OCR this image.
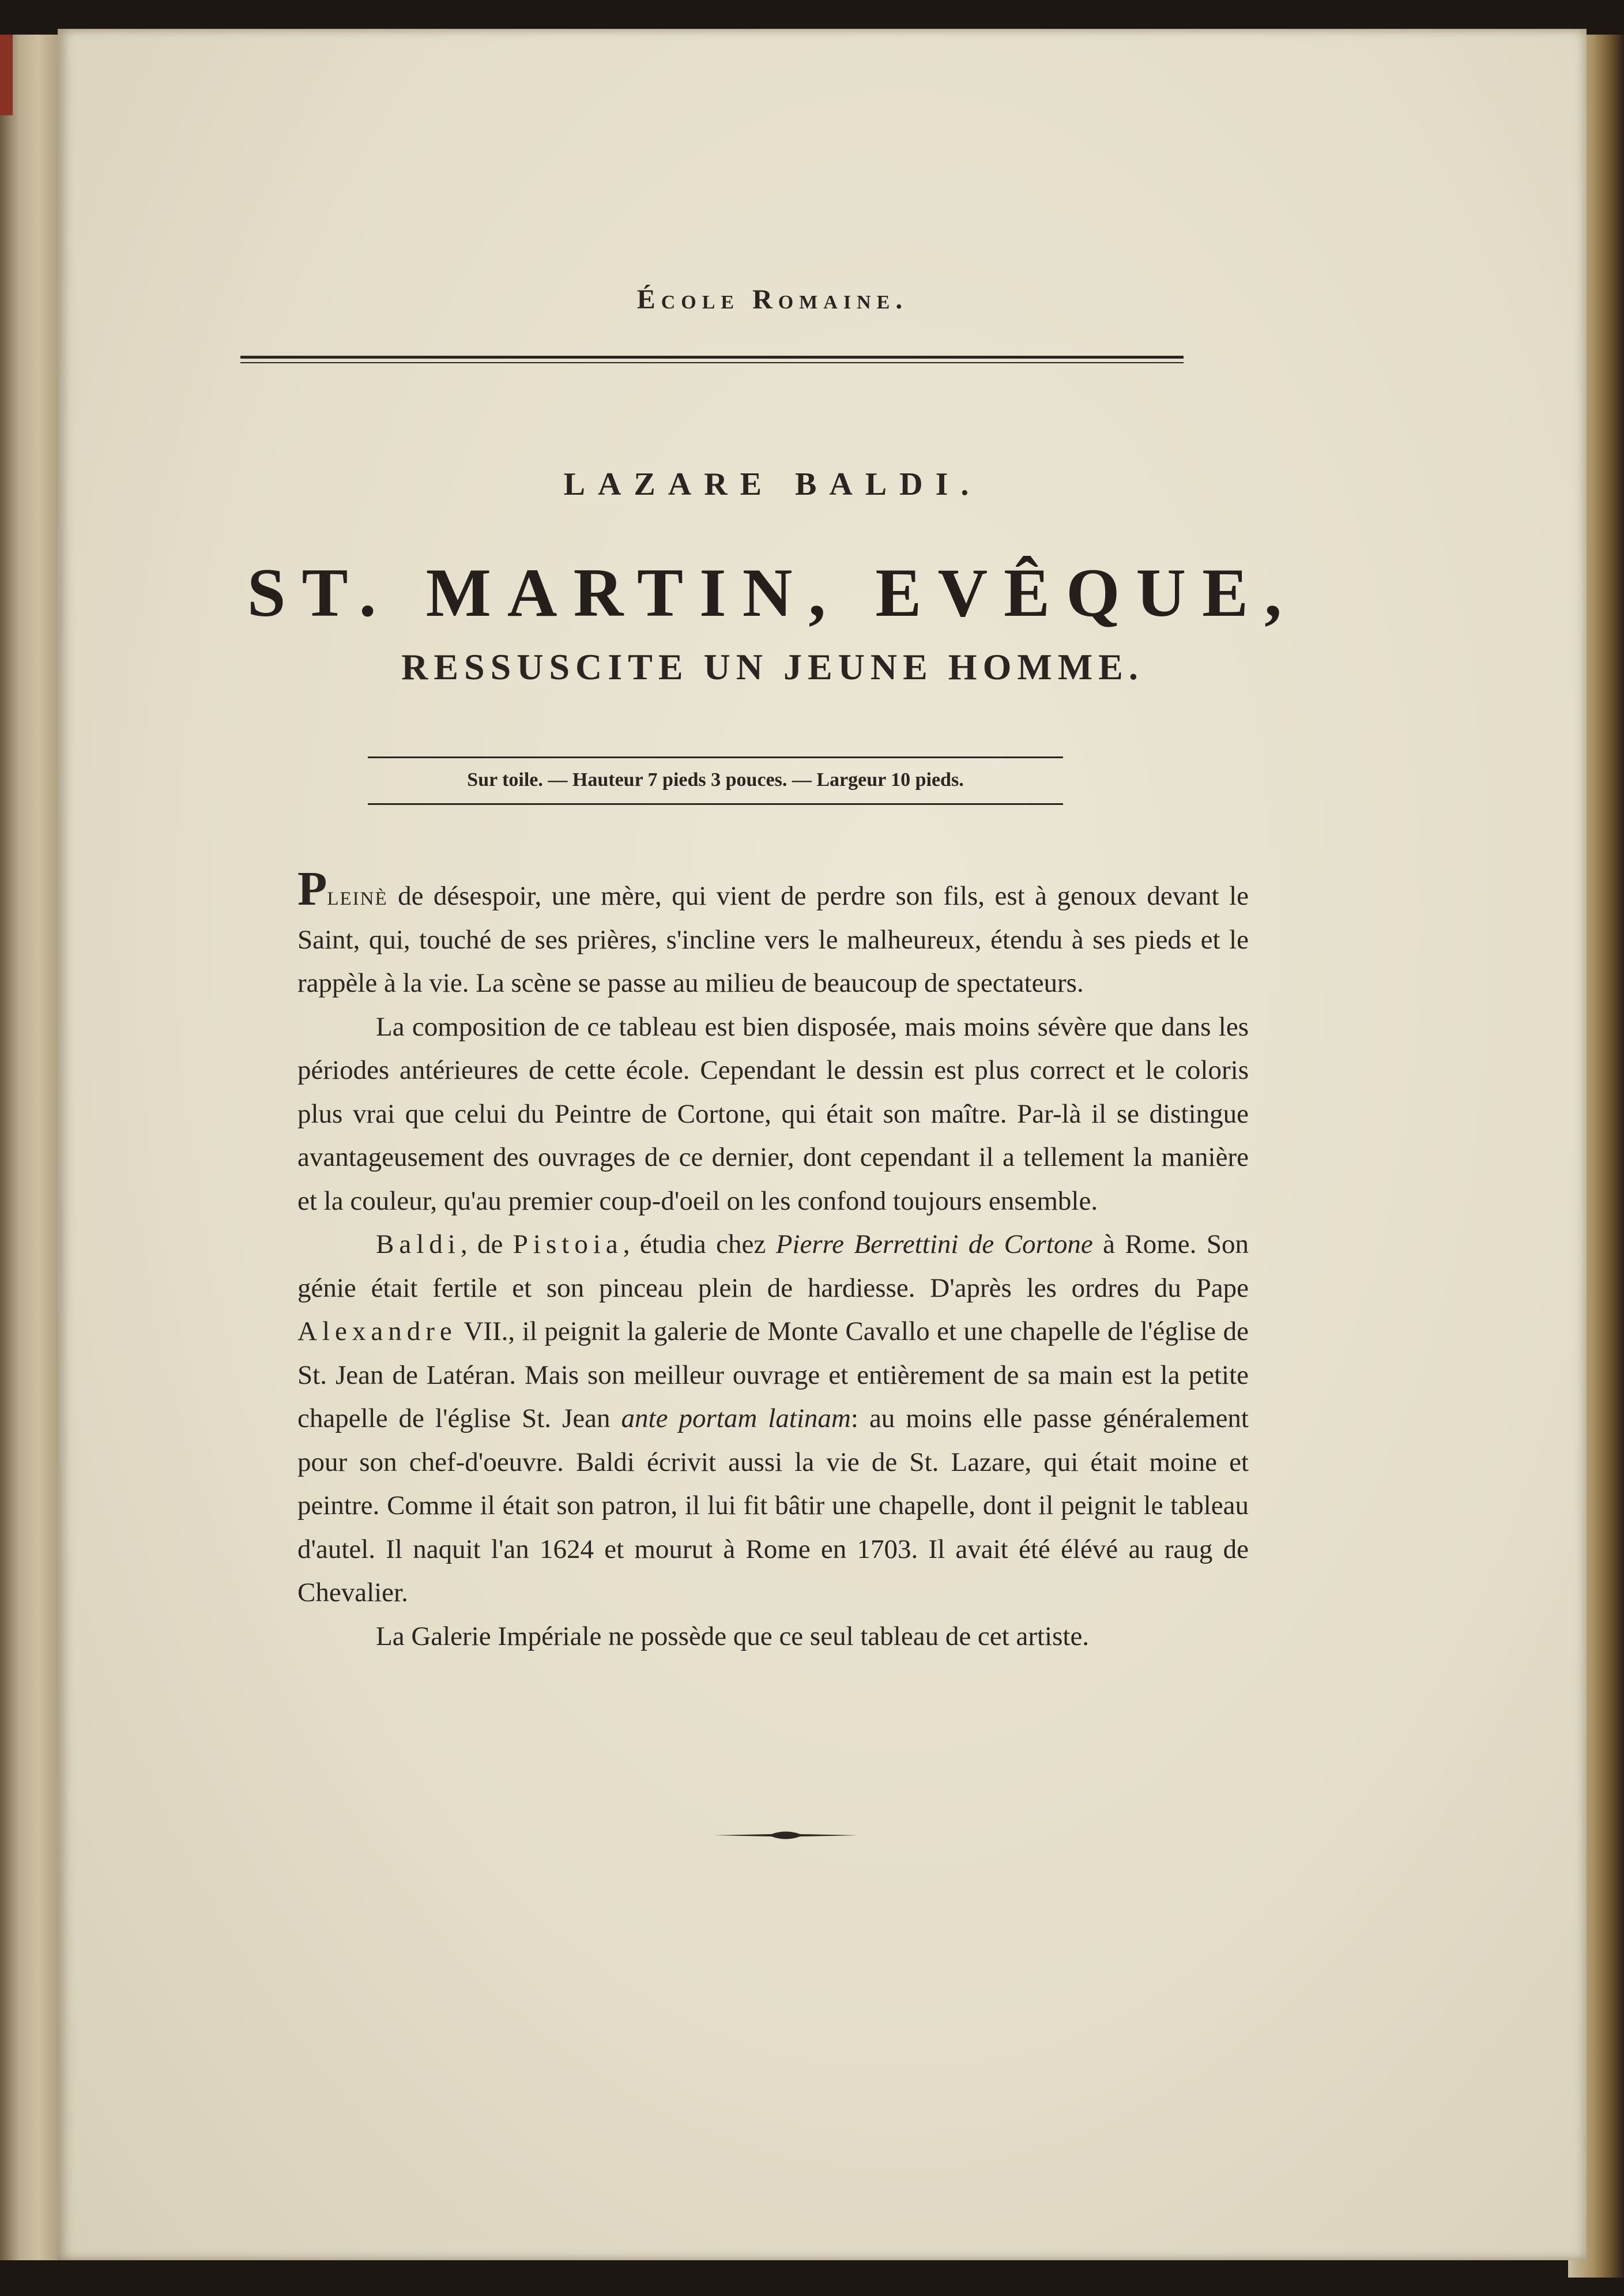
École Romaine.
LAZARE BALDI.
ST. MARTIN, EVÊQUE,
RESSUSCITE UN JEUNE HOMME.
Sur toile. — Hauteur 7 pieds 3 pouces. — Largeur 10 pieds.

Pleinè de désespoir, une mère, qui vient de perdre son fils, est à genoux devant le Saint, qui, touché de ses prières, s'incline vers le malheureux, étendu à ses pieds et le rappèle à la vie. La scène se passe au milieu de beaucoup de spectateurs.

La composition de ce tableau est bien disposée, mais moins sévère que dans les périodes antérieures de cette école. Cependant le dessin est plus correct et le coloris plus vrai que celui du Peintre de Cortone, qui était son maître. Par-là il se distingue avantageusement des ouvrages de ce dernier, dont cependant il a tellement la manière et la couleur, qu'au premier coup-d'oeil on les confond toujours ensemble.

Baldi, de Pistoia, étudia chez Pierre Berrettini de Cortone à Rome. Son génie était fertile et son pinceau plein de hardiesse. D'après les ordres du Pape Alexandre VII., il peignit la galerie de Monte Cavallo et une chapelle de l'église de St. Jean de Latéran. Mais son meilleur ouvrage et entièrement de sa main est la petite chapelle de l'église St. Jean ante portam latinam: au moins elle passe généralement pour son chef-d'oeuvre. Baldi écrivit aussi la vie de St. Lazare, qui était moine et peintre. Comme il était son patron, il lui fit bâtir une chapelle, dont il peignit le tableau d'autel. Il naquit l'an 1624 et mourut à Rome en 1703. Il avait été élévé au raug de Chevalier.

La Galerie Impériale ne possède que ce seul tableau de cet artiste.
